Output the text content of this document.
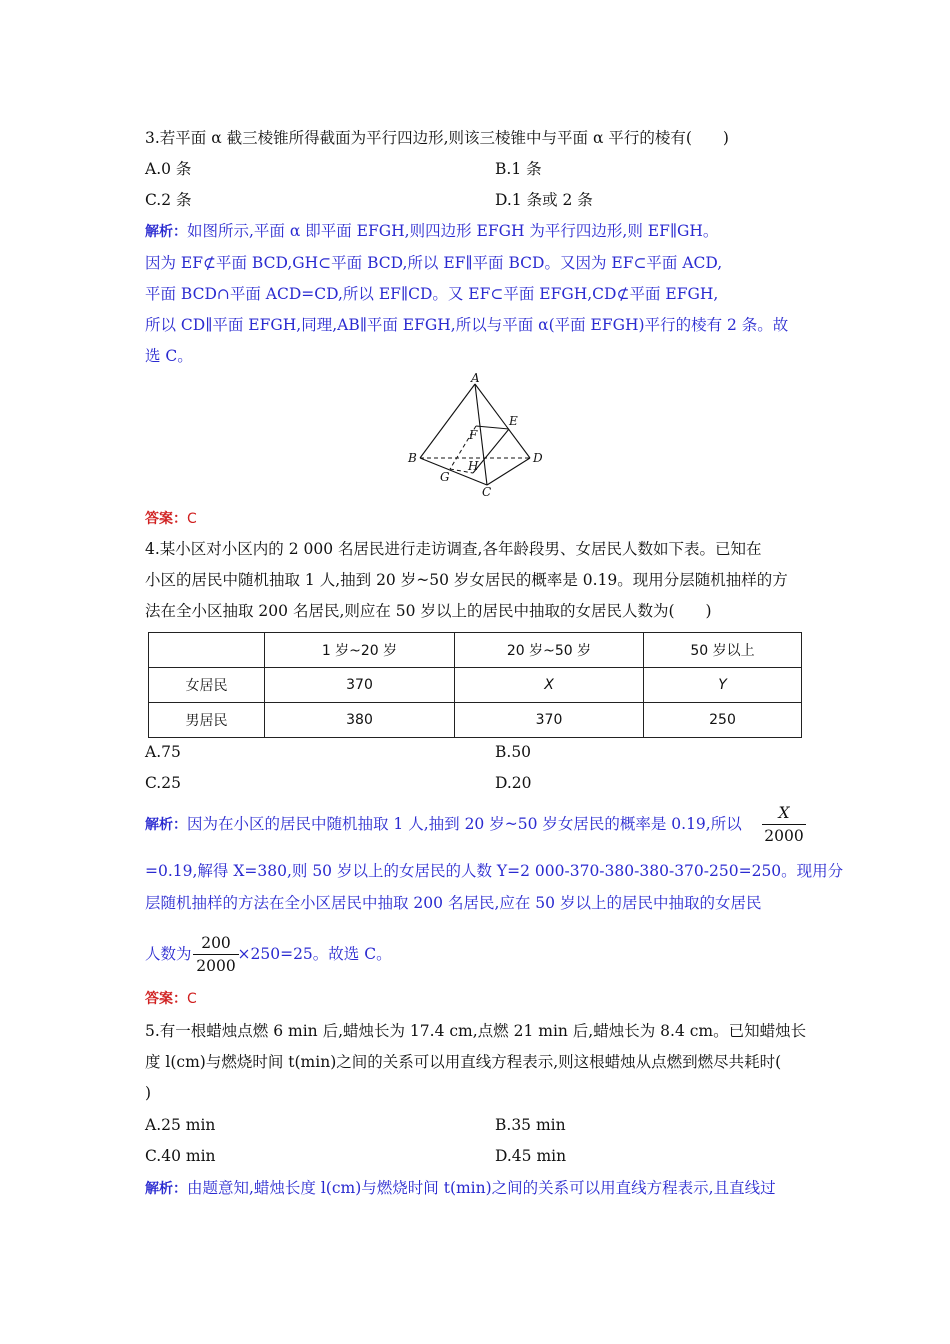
3.若平面 α 截三棱锥所得截面为平行四边形,则该三棱锥中与平面 α 平行的棱有(　　)
A.0 条	B.1 条
C.2 条	D.1 条或 2 条
解析：如图所示,平面 α 即平面 EFGH,则四边形 EFGH 为平行四边形,则 EF∥GH。
因为 EF⊄平面 BCD,GH⊂平面 BCD,所以 EF∥平面 BCD。又因为 EF⊂平面 ACD,
平面 BCD∩平面 ACD=CD,所以 EF∥CD。又 EF⊂平面 EFGH,CD⊄平面 EFGH,
所以 CD∥平面 EFGH,同理,AB∥平面 EFGH,所以与平面 α(平面 EFGH)平行的棱有 2 条。故
选 C。
A
B
C
D
E
F
G
H
答案：C
4.某小区对小区内的 2 000 名居民进行走访调查,各年龄段男、女居民人数如下表。已知在
小区的居民中随机抽取 1 人,抽到 20 岁~50 岁女居民的概率是 0.19。现用分层随机抽样的方
法在全小区抽取 200 名居民,则应在 50 岁以上的居民中抽取的女居民人数为(　　)
	1 岁~20 岁	20 岁~50 岁	50 岁以上
女居民	370	X	Y
男居民	380	370	250
A.75	B.50
C.25	D.20
解析：因为在小区的居民中随机抽取 1 人,抽到 20 岁~50 岁女居民的概率是 0.19,所以
X
2000
=0.19,解得 X=380,则 50 岁以上的女居民的人数 Y=2 000-370-380-380-370-250=250。现用分
层随机抽样的方法在全小区居民中抽取 200 名居民,应在 50 岁以上的居民中抽取的女居民
人数为	×250=25。故选 C。
200
2000
答案：C
5.有一根蜡烛点燃 6 min 后,蜡烛长为 17.4 cm,点燃 21 min 后,蜡烛长为 8.4 cm。已知蜡烛长
度 l(cm)与燃烧时间 t(min)之间的关系可以用直线方程表示,则这根蜡烛从点燃到燃尽共耗时(
)
A.25 min	B.35 min
C.40 min	D.45 min
解析：由题意知,蜡烛长度 l(cm)与燃烧时间 t(min)之间的关系可以用直线方程表示,且直线过
